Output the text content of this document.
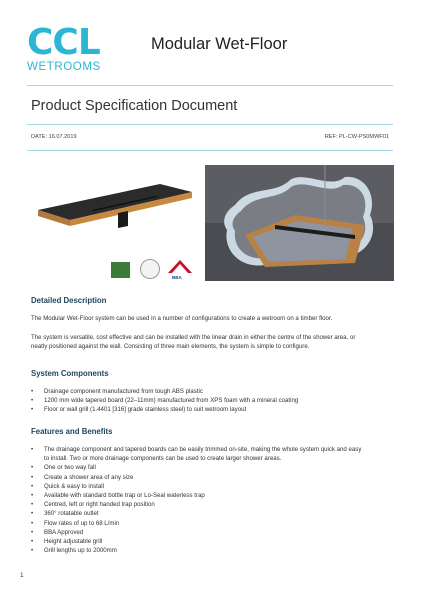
CCL
WETROOMS
Modular Wet-Floor
Product Specification Document
DATE: 16.07.2019	REF: PL-CW-PS0MWF01
BBA
Detailed Description
The Modular Wet-Floor system can be used in a number of configurations to create a wetroom on a timber floor.
The system is versatile, cost effective and can be installed with the linear drain in either the centre of the shower area, or neatly positioned against the wall. Consisting of three main elements, the system is simple to configure.
System Components
• Drainage component manufactured from tough ABS plastic
• 1200 mm wide tapered board (22–11mm) manufactured from XPS foam with a mineral coating
• Floor or wall grill (1.4401 [316] grade stainless steel) to suit wetroom layout
Features and Benefits
• The drainage component and tapered boards can be easily trimmed on-site, making the whole system quick and easy to install. Two or more drainage components can be used to create larger shower areas.
• One or two way fall
• Create a shower area of any size
• Quick & easy to install
• Available with standard bottle trap or Lo-Seal waterless trap
• Centred, left or right handed trap position
• 360° rotatable outlet
• Flow rates of up to 68 L/min
• BBA Approved
• Height adjustable grill
• Grill lengths up to 2000mm
1
